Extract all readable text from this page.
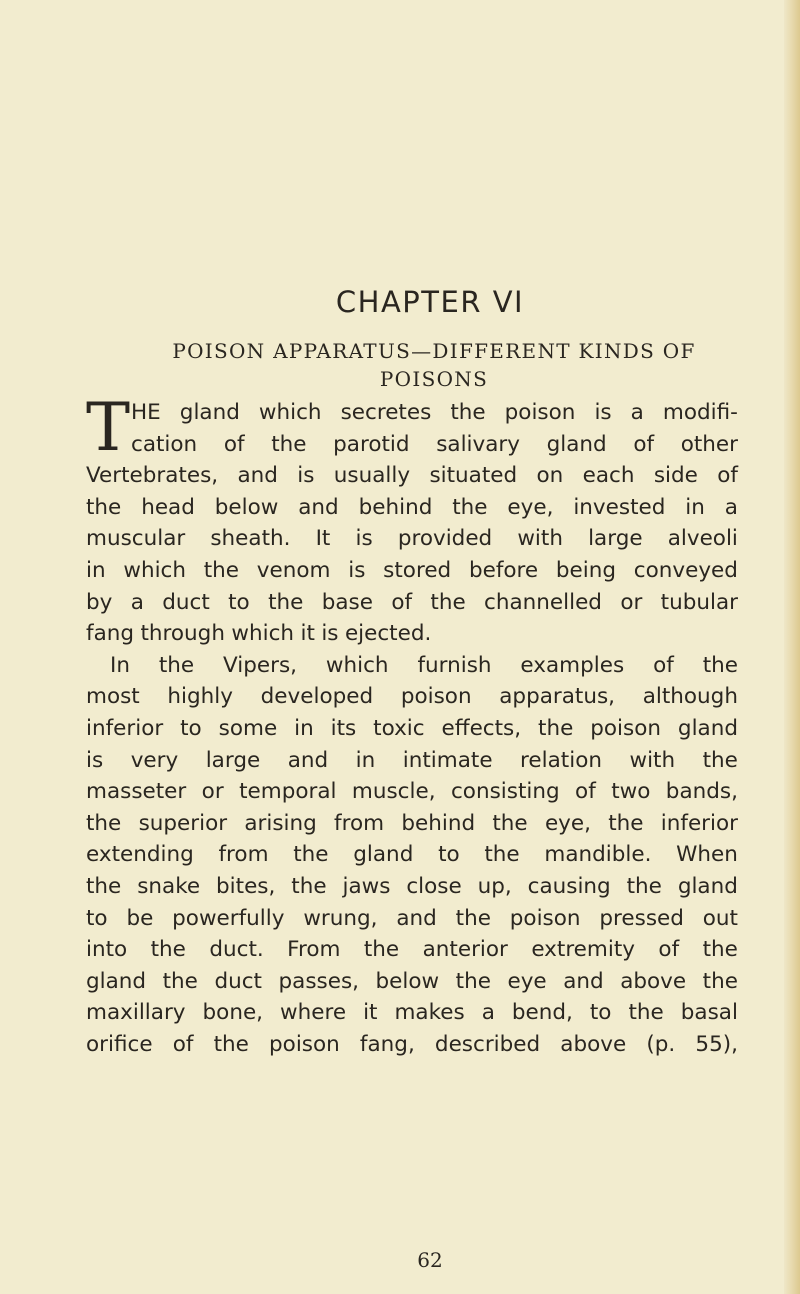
CHAPTER VI
POISON APPARATUS—DIFFERENT KINDS OF POISONS
T HE gland which secretes the poison is a modifi-
cation of the parotid salivary gland of other
Vertebrates, and is usually situated on each side of
the head below and behind the eye, invested in a
muscular sheath. It is provided with large alveoli
in which the venom is stored before being conveyed
by a duct to the base of the channelled or tubular
fang through which it is ejected.
In the Vipers, which furnish examples of the
most highly developed poison apparatus, although
inferior to some in its toxic effects, the poison gland
is very large and in intimate relation with the
masseter or temporal muscle, consisting of two bands,
the superior arising from behind the eye, the inferior
extending from the gland to the mandible. When
the snake bites, the jaws close up, causing the gland
to be powerfully wrung, and the poison pressed out
into the duct. From the anterior extremity of the
gland the duct passes, below the eye and above the
maxillary bone, where it makes a bend, to the basal
orifice of the poison fang, described above (p. 55),
62
